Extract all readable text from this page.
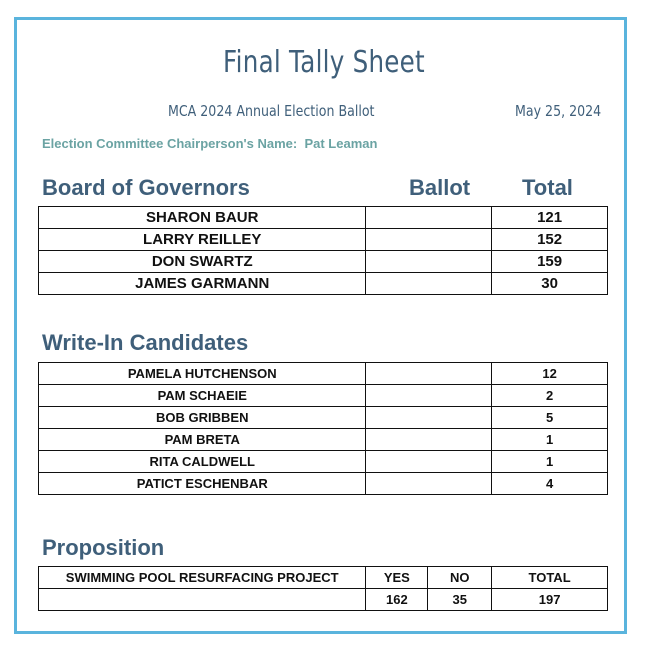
Final Tally Sheet
MCA 2024 Annual Election Ballot	May 25, 2024
Election Committee Chairperson's Name: Pat Leaman
Board of Governors	Ballot Total
SHARON BAUR		121
LARRY REILLEY		152
DON SWARTZ		159
JAMES GARMANN		30
Write-In Candidates
PAMELA HUTCHENSON		12
PAM SCHAEIE		2
BOB GRIBBEN		5
PAM BRETA		1
RITA CALDWELL		1
PATICT ESCHENBAR		4
Proposition
SWIMMING POOL RESURFACING PROJECT	YES	NO	TOTAL
	162	35	197
